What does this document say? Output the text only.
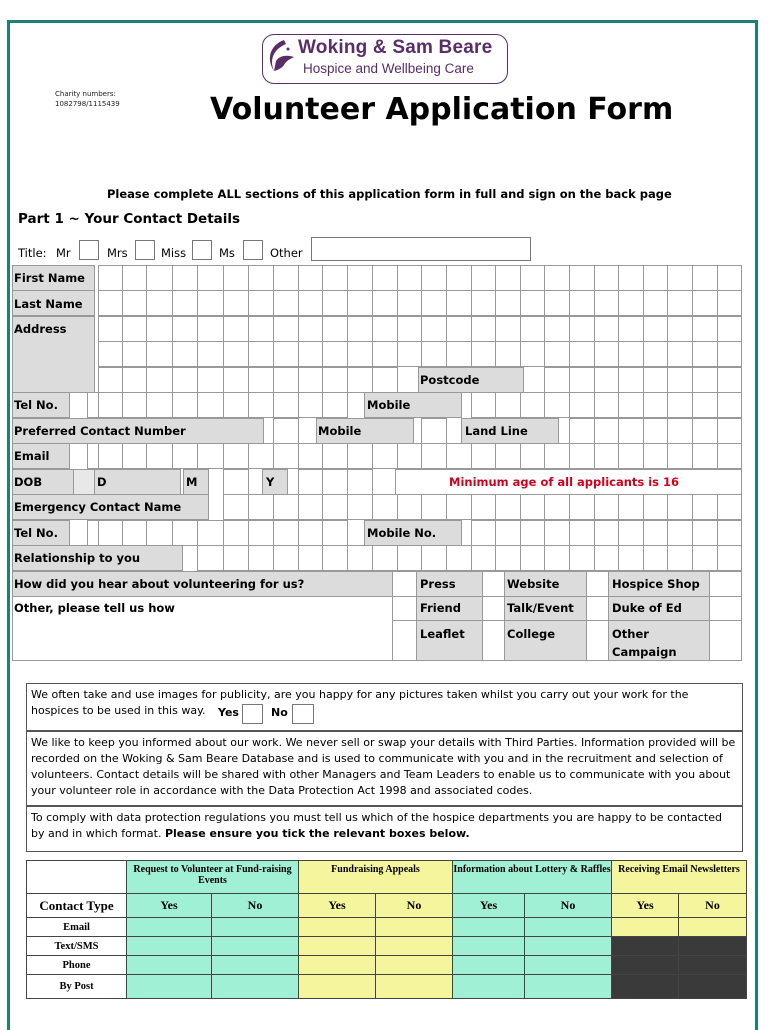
Woking & Sam Beare
Hospice and Wellbeing Care
Charity numbers:
1082798/1115439	Volunteer Application Form
Please complete ALL sections of this application form in full and sign on the back page
Part 1 ~ Your Contact Details
Title: Mr	Mrs	Miss	Ms	Other
First Name
Last Name
Address
Postcode
Tel No.	Mobile
Preferred Contact Number	Mobile	Land Line
Email
DOB	D	M	Y	Minimum age of all applicants is 16
Emergency Contact Name
Tel No.	Mobile No.
Relationship to you
How did you hear about volunteering for us?
Other, please tell us how
Press	Website	Hospice Shop
Friend	Talk/Event	Duke of Ed
Leaflet	College	Other
Campaign
We often take and use images for publicity, are you happy for any pictures taken whilst you carry out your work for the hospices to be used in this way.	Yes	No
We like to keep you informed about our work. We never sell or swap your details with Third Parties. Information provided will be recorded on the Woking & Sam Beare Database and is used to communicate with you and in the recruitment and selection of volunteers. Contact details will be shared with other Managers and Team Leaders to enable us to communicate with you about your volunteer role in accordance with the Data Protection Act 1998 and associated codes.
To comply with data protection regulations you must tell us which of the hospice departments you are happy to be contacted by and in which format. Please ensure you tick the relevant boxes below.
	Request to Volunteer at Fund-raising Events		Fundraising Appeals		Information about Lottery & Raffles		Receiving Email Newsletters	
Contact Type	Yes	No	Yes	No	Yes	No	Yes	No
Email								
Text/SMS								
Phone								
By Post								
